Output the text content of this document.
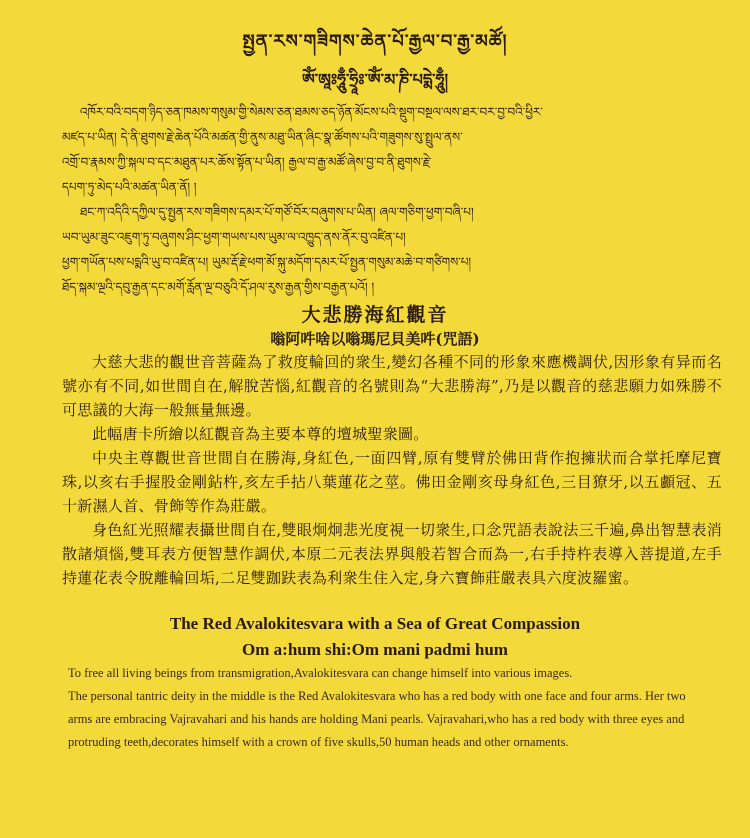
སྤྱན་རས་གཟིགས་ཆེན་པོ་རྒྱལ་བ་རྒྱ་མཚོ།
ཨོཾ་ཨཱཿཧཱུྃ་ཧྲཱིཿ་ཨོཾ་མ་ཎི་པདྨེ་ཧཱུྃ།
འཁོར་བའི་བདག་ཉིད་ཅན་ཁམས་གསུམ་གྱི་སེམས་ཅན་ཐམས་ཅད་ཉོན་མོངས་པའི་སྡུག་བསྔལ་ལས་ཐར་བར་བྱ་བའི་ཕྱིར་
མཛད་པ་ཡིན། དེ་ནི་ཐུགས་རྗེ་ཆེན་པོའི་མཚན་གྱི་ནུས་མཐུ་ཡིན་ཞིང་སྣ་ཚོགས་པའི་གཟུགས་སུ་སྤྲུལ་ནས་
འགྲོ་བ་རྣམས་ཀྱི་སྐལ་བ་དང་མཐུན་པར་ཆོས་སྟོན་པ་ཡིན། རྒྱལ་བ་རྒྱ་མཚོ་ཞེས་བྱ་བ་ནི་ཐུགས་རྗེ་
དཔག་ཏུ་མེད་པའི་མཚན་ཡིན་ནོ། །
ཐང་ཀ་འདིའི་དཀྱིལ་དུ་སྤྱན་རས་གཟིགས་དམར་པོ་གཙོ་བོར་བཞུགས་པ་ཡིན། ཞལ་གཅིག་ཕྱག་བཞི་པ།
ཡབ་ཡུམ་ཟུང་འཇུག་ཏུ་བཞུགས་ཤིང་ཕྱག་གཡས་པས་ཡུམ་ལ་འཁྱུད་ནས་ནོར་བུ་འཛིན་པ།
ཕྱག་གཡོན་པས་པདྨའི་ཡུ་བ་འཛིན་པ། ཡུམ་རྡོ་རྗེ་ཕག་མོ་སྐུ་མདོག་དམར་པོ་སྤྱན་གསུམ་མཆེ་བ་གཙིགས་པ།
ཐོད་སྐམ་ལྔའི་དབུ་རྒྱན་དང་མགོ་རློན་ལྔ་བཅུའི་དོ་ཤལ་རུས་རྒྱན་གྱིས་བརྒྱན་པའོ། །
大悲勝海紅觀音
嗡阿吽啥以嗡瑪尼貝美吽(咒語)
大慈大悲的觀世音菩薩為了救度輪回的衆生,變幻各種不同的形象來應機調伏,因形象有异而名號亦有不同,如世間自在,解脫苦惱,紅觀音的名號則為“大悲勝海”,乃是以觀音的慈悲願力如殊勝不可思議的大海一般無量無邊。
此幅唐卡所繪以紅觀音為主要本尊的壇城聖衆圖。
中央主尊觀世音世間自在勝海,身紅色,一面四臂,原有雙臂於佛田背作抱擁狀而合掌托摩尼寶珠,以亥右手握股金剛鉆杵,亥左手拈八葉蓮花之莖。佛田金剛亥母身紅色,三目獠牙,以五顱冠、五十新濕人首、骨飾等作為莊嚴。
身色紅光照耀表攝世間自在,雙眼炯炯悲光度視一切衆生,口念咒語表說法三千遍,鼻出智慧表消散諸煩惱,雙耳表方便智慧作調伏,本原二元表法界與般若智合而為一,右手持杵表導入菩提道,左手持蓮花表令脫離輪回垢,二足雙跏趺表為利衆生住入定,身六寶飾莊嚴表具六度波羅蜜。
The Red Avalokitesvara with a Sea of Great Compassion
Om a:hum shi:Om mani padmi hum
To free all living beings from transmigration,Avalokitesvara can change himself into various images.
The personal tantric deity in the middle is the Red Avalokitesvara who has a red body with one face and four arms. Her two arms are embracing Vajravahari and his hands are holding Mani pearls. Vajravahari,who has a red body with three eyes and protruding teeth,decorates himself with a crown of five skulls,50 human heads and other ornaments.
